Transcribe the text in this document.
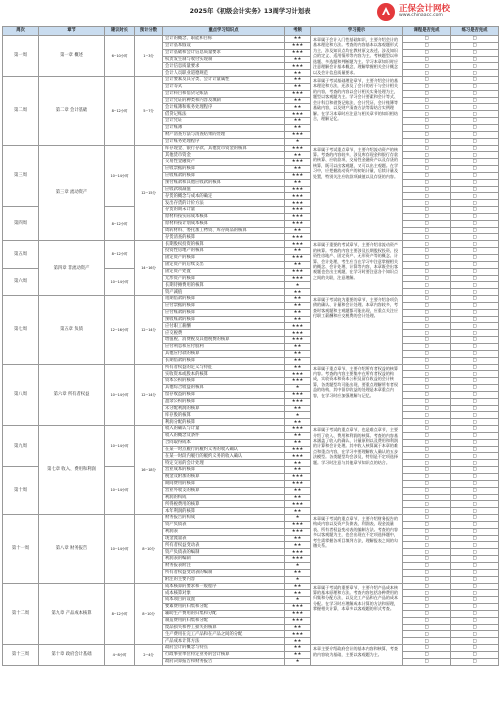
2025年《初级会计实务》13周学习计划表	正保会计网校
www.chinaacc.com
周次	章节	建议时长	预计分数	重点学习知识点	考频	学习提示	课程是否完成	练习是否完成
第一周	第一章 概述	6~10小时	1~3分	会计的概念、职能和目标	★★	本章属于会计入门性基础知识，主要介绍会计的基本理论和方法。考查的内容基本以客观题形式为主，涉及知识点均在教材原文表述。涉及知识点的定义、适用情形等内容为主。考核题型以单选题、多选题和判断题为主。学习本章知识时应注意理解会计基本概念，理解掌握相关会计概念以及会计信息质量要求。	□	□
				会计基本假设	★★★		□	□
				会计基础和会计信息质量要求	★★★		□	□
				权责发生制与收付实现制	★★		□	□
				会计信息质量要求	★★★		□	□
				会计人员职业道德规范	★★		□	□
第二周	第二章 会计基础	8~12小时	5~7分	会计要素及其分类、会计计量属性	★★	本章属于考试基础理论章节，主要介绍会计的基本理论和方法，还涉及了会计的若干与会计相关的内容，考查的内容以会计相关实务处理为主，题型以客观题为主。学习会计要素和会计等式、会计科目和借贷记账法，会计凭证，会计账簿等基础内容，以及财产清查方法等需结合实例理解。在学习本章时应注意与相关章节的知识相结合，理解记忆。	□	□
				会计等式	★★		□	□
				会计科目和借贷记账法	★★★		□	□
				会计凭证的种类和内容及填制	★★		□	□
				会计账簿和账务处理程序	★★		□	□
				借贷记账法	★★★		□	□
				会计凭证	★★		□	□
				会计账簿	★★		□	□
				财产清查方法与清查结果的处理	★★★		□	□
				会计账务处理程序	★		□	□
第三周	第三章 流动资产	10~14小时	12~15分	库存现金、银行存款、其他货币资金的核算	★★★	本章属于考试重点章节，主要介绍流动资产的核算。考查的内容较多，涉及库存现金和银行存款的核算、应收款项、交易性金融资产以及存货的核算，既可以出客观题，又可以出主观题。在学习中，应把握流动资产的初始计量，后续计量及处置，特别关注应收款项减值以及存货的内容。	□	□
				其他货币资金	★★		□	□
				交易性金融资产	★★★		□	□
				应收票据的核算	★★		□	□
				应收账款的核算	★★★		□	□
				预付账款和其他应收款的核算	★★		□	□
				应收款项减值	★★★		□	□
				存货的概念与成本的确定	★★★		□	□
				发出存货的计价方法	★★★		□	□
第四周		8~12小时		存货的期末计量	★★★		□	□
				原材料按实际成本核算	★★★		□	□
				原材料按计划成本核算	★★★		□	□
				周转材料、委托加工物资、库存商品的核算	★★		□	□
				存货清查的核算	★★★		□	□
第五周	第四章 非流动资产	8~12小时	14~16分	长期股权投资的核算	★★★	本章属于重要的考试章节，主要介绍非流动资产的核算。考查的内容主要涉及长期股权投资、投资性房地产、固定资产、无形资产等的概念、计算、会计处理，考生应当在学习中注意掌握相关的概念、会计处理、计算等内容，本章既会出客观题也会出主观题，在学习时要注意各个知识点之间的关联，注意理解。	□	□
				投资性房地产的核算	★★		□	□
				固定资产的核算	★★★		□	□
				固定资产的后续支出	★★		□	□
第六周		10~14小时		固定资产处置	★★★		□	□
				无形资产的核算	★★★		□	□
				长期待摊费用的核算	★		□	□
				资产减值	★★		□	□
第七周	第五章 负债	12~16小时	12~14分	短期借款的核算	★★	本章属于考试较为重要的章节，主要介绍各项负债的确认、计量和会计处理。本章内容较多，考查时客观题和主观题都可能出现，应重点关注应付职工薪酬和应交税费的会计处理。	□	□
				应付票据的核算	★★		□	□
				应付账款的核算	★★		□	□
				预收账款的核算	★★		□	□
				应付职工薪酬	★★★		□	□
				应交税费	★★★		□	□
				增值税、消费税及其他税费的核算	★★★		□	□
				应付利息和应付股利	★★		□	□
				其他应付款的核算	★★		□	□
				长期借款的核算	★★		□	□
第八周	第六章 所有者权益	10~14小时	12~14分	所有者权益的定义与特征	★★	本章属于重点章节，主要介绍所有者权益的核算内容。考查的内容主要集中在所有者权益的构成，实收资本和资本公积及留存收益的会计核算，各类题型均可能出现，要重点理解所有者权益的结构，其中留存收益的处理是本章重点内容，在学习时应加强理解与记忆。	□	□
				实收资本或股本的核算	★★★		□	□
				资本公积的核算	★★★		□	□
				其他综合收益的核算	★		□	□
				留存收益的核算	★★★		□	□
				盈余公积的核算	★★★		□	□
				未分配利润的核算	★★		□	□
				库存股的核算	★		□	□
				利润分配的核算	★★		□	□
第九周	第七章 收入、费用和利润	10~14小时	16~18分	收入的确认与计量	★★★	本章属于考试的重点章节，也是难点章节，主要介绍了收入、费用和利润的核算。考查的内容基本涵盖了收入的确认、计量原则以及费用和利润的计算和会计处理。其中收入核算属于本章的难点和重点内容，在学习中要理解收入确认的五步法模型。各类题型均会涉及，特别是不定项选择题。学习时注意与其他章节知识点的结合。	□	□
				收入的概念及条件	★★		□	□
				合同取得成本	★★		□	□
				在某一时点履行的履约义务的收入确认	★★★		□	□
				在某一时段内履行的履约义务的收入确认	★★★		□	□
				特定交易的会计处理	★★		□	□
第十周		10~14小时		营业成本的核算	★★		□	□
				税金及附加的核算	★★★		□	□
				期间费用的核算	★★★		□	□
				营业外收支的核算	★★		□	□
				利润的构成	★★		□	□
				所得税费用的核算	★★★		□	□
				本年利润的核算	★★		□	□
第十一周	第八章 财务报告	10~14小时	8~10分	财务报告的构成	★	本章属于考试的重点章节，主要介绍财务报告的构成内容以及资产负债表、利润表、现金流量表、所有者权益变动表的编制方法。考查的内容多以客观题为主，也会出现在不定项选择题中，考生需掌握各项目填列方法，理解报表之间的勾稽关系。	□	□
				资产负债表	★★★		□	□
				利润表	★★★		□	□
				现金流量表	★★		□	□
				所有者权益变动表	★★		□	□
				资产负债表的编制	★★★		□	□
				利润表的编制	★★★		□	□
				财务报表附注	★		□	□
				所有者权益变动表的编制	★★		□	□
				附注的主要内容	★		□	□
第十二周	第九章 产品成本核算	8~12小时	8~10分	成本核算的要求和一般程序	★★	本章属于考试的重要章节，主要介绍产品成本核算的基本原理和方法。考查内容包括各种费用的归集和分配方法，以及完工产品和在产品的成本分配。在学习时应理解成本计算的方法和原理，掌握相关计算，本章多以客观题的形式考查。	□	□
				成本核算对象	★★		□	□
				成本项目的设置	★		□	□
				要素费用的归集和分配	★★★		□	□
				辅助生产费用的归集和分配	★★★		□	□
				制造费用的归集和分配	★★★		□	□
				废品损失和停工损失的核算	★★		□	□
				生产费用在完工产品和在产品之间的分配	★★★		□	□
				产品成本计算方法	★★		□	□
第十三周	第十章 政府会计基础	4~8小时	2~4分	政府会计的概念与特点	★★	本章主要介绍政府会计的基本内容和核算，考查的内容较为基础，主要以客观题为主。	□	□
				行政事业单位特定业务的会计核算	★★		□	□
				政府决算报告和财务报告	★		□	□
